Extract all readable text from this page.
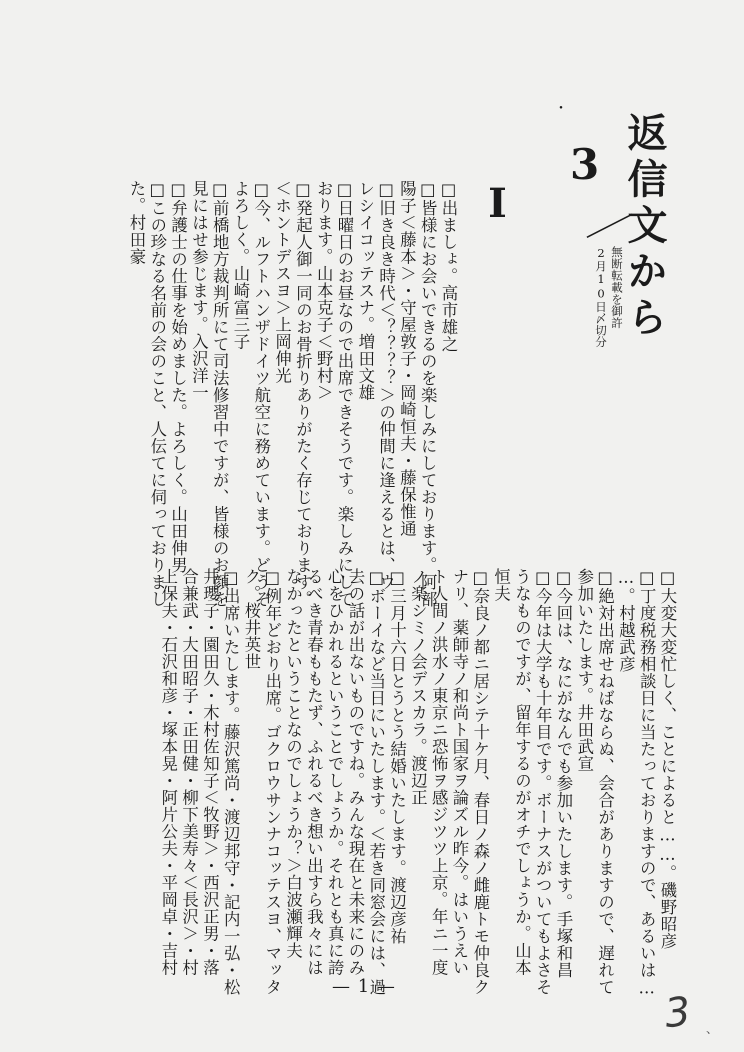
・
返信文から
3
／
無断転載を御許
2月10日〆切分
I
□出ましょ。高市雄之
□皆様にお会いできるのを楽しみにしております。阿部
陽子＜藤本＞・守屋敦子・岡崎恒夫・藤保惟通
□旧き良き時代＜？？？？＞の仲間に逢えるとは、ウ
レシイコッテスナ。増田文雄
□日曜日のお昼なので出席できそうです。楽しみにして
おります。山本克子＜野村＞
□発起人御一同のお骨折りありがたく存じております。
＜ホントデスヨ＞上岡伸光
□今、ルフトハンザドイツ航空に務めています。どうぞ
よろしく。山崎富三子
□前橋地方裁判所にて司法修習中ですが、皆様のお顔を
見にはせ参じます。入沢洋一
□弁護士の仕事を始めました。よろしく。山田伸男
□この珍なる名前の会のこと、人伝てに伺っておりまし
た。村田豪
□大変大変忙しく、ことによると……。磯野昭彦
□丁度税務相談日に当たっておりますので、あるいは…
…。村越武彦
□絶対出席せねばならぬ、会合がありますので、遅れて
参加いたします。井田武宣
□今回は、なにがなんでも参加いたします。手塚和昌
□今年は大学も十年目です。ボーナスがついてもよさそ
うなものですが、留年するのがオチでしょうか。山本
恒夫
□奈良ノ都ニ居シテ十ケ月、春日ノ森ノ雌鹿トモ仲良ク
ナリ、薬師寺ノ和尚ト国家ヲ論ズル昨今。はいうえい
ト人間ノ洪水ノ東京ニ恐怖ヲ感ジツツ上京。年ニ一度
ノ楽シミノ会デスカラ。渡辺正
□三月十六日とうとう結婚いたします。渡辺彦祐
□ボーイなど当日にいたします。＜若き同窓会には、過
去の話が出ないものですね。みんな現在と未来にのみ
心をひかれるということでしょうか。それとも真に誇
るべき青春ももたず、ふれるべき想い出すら我々には
なかったということなのでしょうか？＞白波瀬輝夫
□例年どおり出席。ゴクロウサンナコッテスヨ、マッタ
ク。桜井英世
□出席いたします。藤沢篤尚・渡辺邦守・記内一弘・松
井瓔子・園田久・木村佐知子＜牧野＞・西沢正男・落
合兼武・大田昭子・正田健・柳下美寿々＜長沢＞・村
上保夫・石沢和彦・塚本晃・阿片公夫・平岡卓・吉村
— 1 —
3 、
